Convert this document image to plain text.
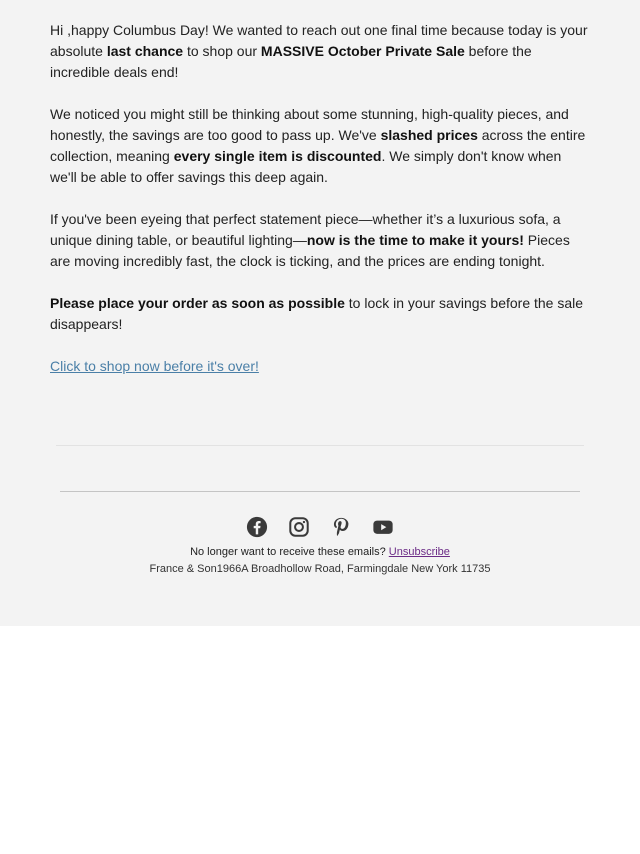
Hi ,happy Columbus Day! We wanted to reach out one final time because today is your absolute last chance to shop our MASSIVE October Private Sale before the incredible deals end!

We noticed you might still be thinking about some stunning, high-quality pieces, and honestly, the savings are too good to pass up. We've slashed prices across the entire collection, meaning every single item is discounted. We simply don't know when we'll be able to offer savings this deep again.

If you've been eyeing that perfect statement piece—whether it’s a luxurious sofa, a unique dining table, or beautiful lighting—now is the time to make it yours! Pieces are moving incredibly fast, the clock is ticking, and the prices are ending tonight.

Please place your order as soon as possible to lock in your savings before the sale disappears!

Click to shop now before it's over!

No longer want to receive these emails? Unsubscribe
France & Son1966A Broadhollow Road, Farmingdale New York 11735
